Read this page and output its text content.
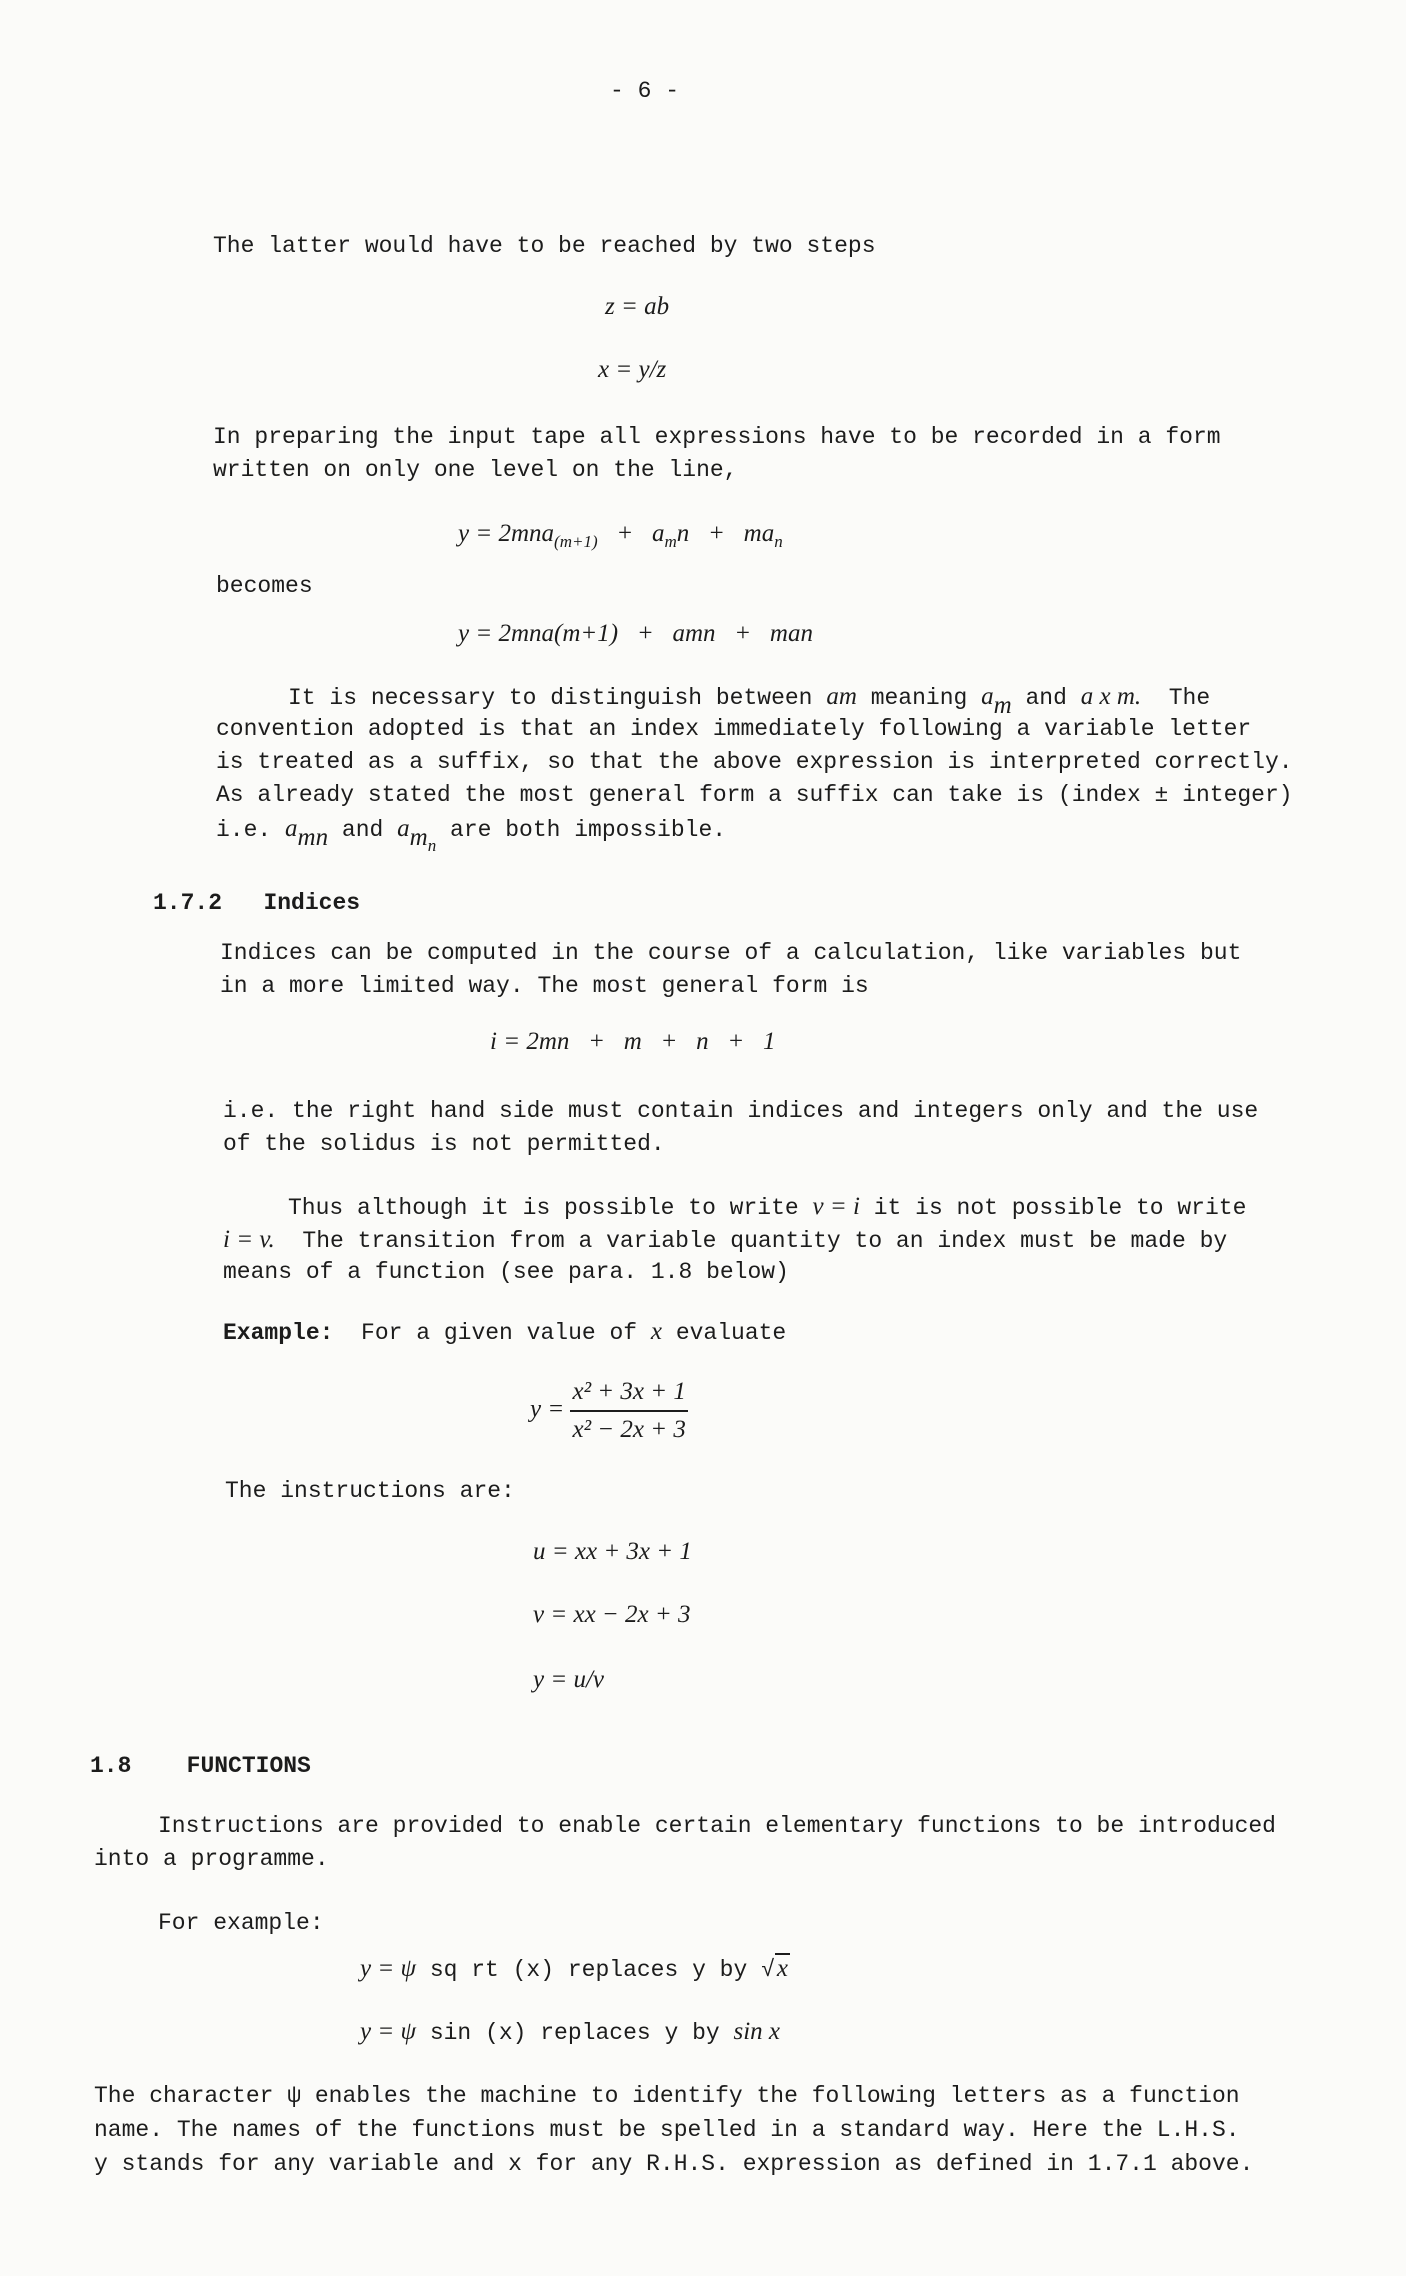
- 6 -
The latter would have to be reached by two steps
z = ab
x = y/z
In preparing the input tape all expressions have to be recorded in a form
written on only one level on the line,
$y = 2mna_{(m+1)} + a_mn + ma_n$
becomes
y = 2mna(m+1)   +   amn   +   man
It is necessary to distinguish between am meaning $a_m$ and a x m. The
convention adopted is that an index immediately following a variable letter
is treated as a suffix, so that the above expression is interpreted correctly.
As already stated the most general form a suffix can take is (index ± integer)
i.e. $a_{mn}$ and $a_{m_n}$ are both impossible.
1.7.2 Indices
Indices can be computed in the course of a calculation, like variables but
in a more limited way. The most general form is
i = 2mn   +   m   +   n   +   1
i.e. the right hand side must contain indices and integers only and the use
of the solidus is not permitted.
Thus although it is possible to write v = i it is not possible to write
i = v. The transition from a variable quantity to an index must be made by
means of a function (see para. 1.8 below)
Example: For a given value of x evaluate
$y = \frac{\text{x² + 3x + 1}}{\text{x² − 2x + 3}}$
The instructions are:
u = xx + 3x + 1
v = xx − 2x + 3
y = u/v
1.8 FUNCTIONS
Instructions are provided to enable certain elementary functions to be introduced
into a programme.
For example:
y = ψ sq rt (x) replaces y by √x
y = ψ sin (x) replaces y by sin x
The character ψ enables the machine to identify the following letters as a function
name. The names of the functions must be spelled in a standard way. Here the L.H.S.
y stands for any variable and x for any R.H.S. expression as defined in 1.7.1 above.
